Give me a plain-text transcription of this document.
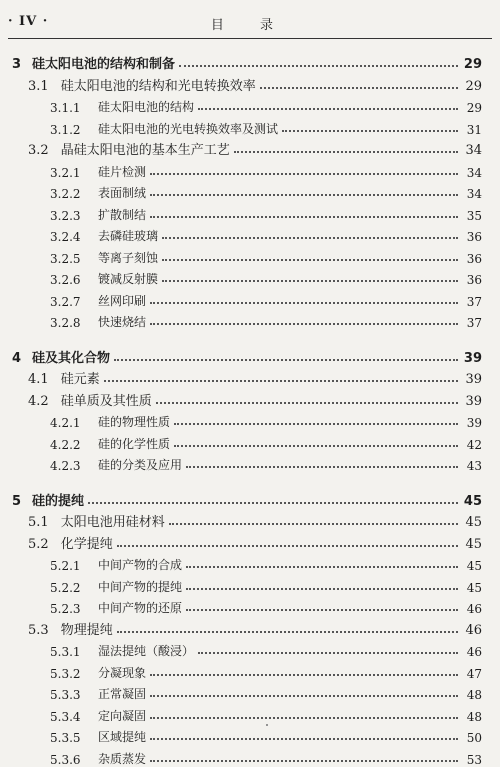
· IV ·	目 录
3 硅太阳电池的结构和制备	29
3.1 硅太阳电池的结构和光电转换效率	29
3.1.1	硅太阳电池的结构	29
3.1.2	硅太阳电池的光电转换效率及测试	31
3.2 晶硅太阳电池的基本生产工艺	34
3.2.1	硅片检测	34
3.2.2	表面制绒	34
3.2.3	扩散制结	35
3.2.4	去磷硅玻璃	36
3.2.5	等离子刻蚀	36
3.2.6	镀减反射膜	36
3.2.7	丝网印刷	37
3.2.8	快速烧结	37
4 硅及其化合物	39
4.1 硅元素	39
4.2 硅单质及其性质	39
4.2.1	硅的物理性质	39
4.2.2	硅的化学性质	42
4.2.3	硅的分类及应用	43
5 硅的提纯	45
5.1 太阳电池用硅材料	45
5.2 化学提纯	45
5.2.1	中间产物的合成	45
5.2.2	中间产物的提纯	45
5.2.3	中间产物的还原	46
5.3 物理提纯	46
5.3.1	湿法提纯（酸浸）	46
5.3.2	分凝现象	47
5.3.3	正常凝固	48
5.3.4	定向凝固	48
5.3.5	区域提纯	50
5.3.6	杂质蒸发	53
